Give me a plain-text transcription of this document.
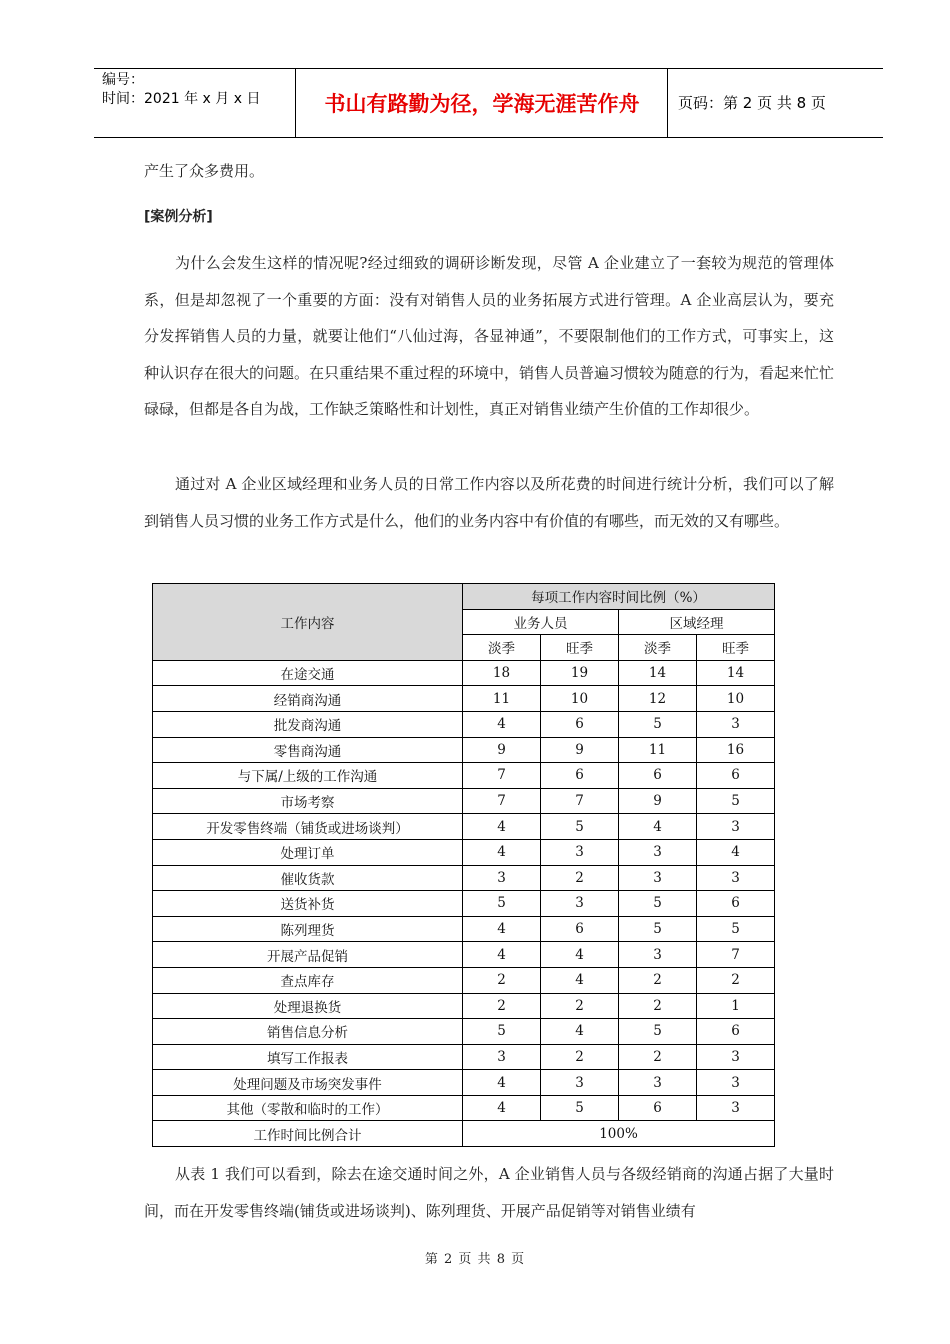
编号：
时间：2021 年 x 月 x 日	书山有路勤为径，学海无涯苦作舟	页码：第 2 页 共 8 页
产生了众多费用。
[案例分析]
为什么会发生这样的情况呢?经过细致的调研诊断发现，尽管 A 企业建立了一套较为规范的管理体系，但是却忽视了一个重要的方面：没有对销售人员的业务拓展方式进行管理。A 企业高层认为，要充分发挥销售人员的力量，就要让他们“八仙过海，各显神通”，不要限制他们的工作方式，可事实上，这种认识存在很大的问题。在只重结果不重过程的环境中，销售人员普遍习惯较为随意的行为，看起来忙忙碌碌，但都是各自为战，工作缺乏策略性和计划性，真正对销售业绩产生价值的工作却很少。
通过对 A 企业区域经理和业务人员的日常工作内容以及所花费的时间进行统计分析，我们可以了解到销售人员习惯的业务工作方式是什么，他们的业务内容中有价值的有哪些，而无效的又有哪些。
工作内容	每项工作内容时间比例（%）			
	业务人员		区域经理	
	淡季	旺季	淡季	旺季
在途交通	18	19	14	14
经销商沟通	11	10	12	10
批发商沟通	4	6	5	3
零售商沟通	9	9	11	16
与下属/上级的工作沟通	7	6	6	6
市场考察	7	7	9	5
开发零售终端（铺货或进场谈判）	4	5	4	3
处理订单	4	3	3	4
催收货款	3	2	3	3
送货补货	5	3	5	6
陈列理货	4	6	5	5
开展产品促销	4	4	3	7
查点库存	2	4	2	2
处理退换货	2	2	2	1
销售信息分析	5	4	5	6
填写工作报表	3	2	2	3
处理问题及市场突发事件	4	3	3	3
其他（零散和临时的工作）	4	5	6	3
工作时间比例合计	100%			
从表 1 我们可以看到，除去在途交通时间之外，A 企业销售人员与各级经销商的沟通占据了大量时间，而在开发零售终端(铺货或进场谈判)、陈列理货、开展产品促销等对销售业绩有
第 2 页 共 8 页
